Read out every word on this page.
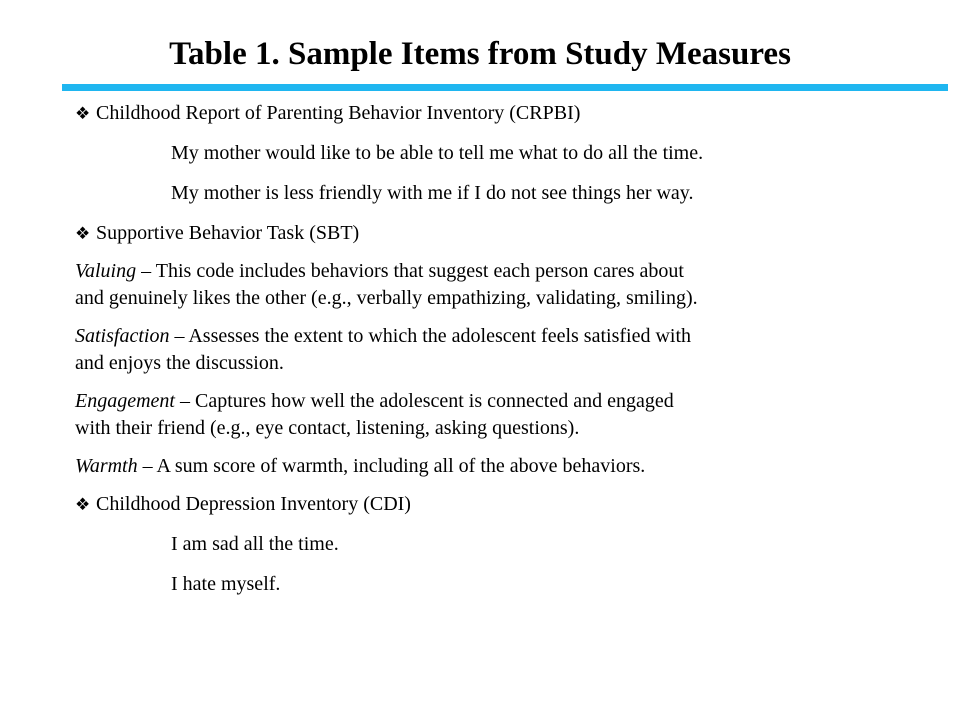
Table 1. Sample Items from Study Measures

❖ Childhood Report of Parenting Behavior Inventory (CRPBI)

My mother would like to be able to tell me what to do all the time.

My mother is less friendly with me if I do not see things her way.

❖ Supportive Behavior Task (SBT)

Valuing – This code includes behaviors that suggest each person cares about
and genuinely likes the other (e.g., verbally empathizing, validating, smiling).

Satisfaction – Assesses the extent to which the adolescent feels satisfied with
and enjoys the discussion.

Engagement – Captures how well the adolescent is connected and engaged
with their friend (e.g., eye contact, listening, asking questions).

Warmth – A sum score of warmth, including all of the above behaviors.

❖ Childhood Depression Inventory (CDI)

I am sad all the time.

I hate myself.
